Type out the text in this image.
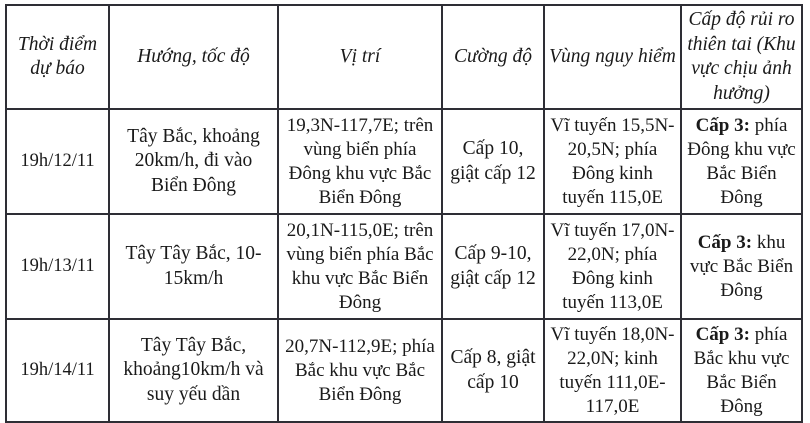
Thời điểm dự báo	Hướng, tốc độ	Vị trí	Cường độ	Vùng nguy hiểm	Cấp độ rủi ro thiên tai (Khu vực chịu ảnh hưởng)
19h/12/11	Tây Bắc, khoảng 20km/h, đi vào Biển Đông	19,3N-117,7E; trên vùng biển phía Đông khu vực Bắc Biển Đông	Cấp 10, giật cấp 12	Vĩ tuyến 15,5N-20,5N; phía Đông kinh tuyến 115,0E	Cấp 3: phía Đông khu vực Bắc Biển Đông
19h/13/11	Tây Tây Bắc, 10-15km/h	20,1N-115,0E; trên vùng biển phía Bắc khu vực Bắc Biển Đông	Cấp 9-10, giật cấp 12	Vĩ tuyến 17,0N-22,0N; phía Đông kinh tuyến 113,0E	Cấp 3: khu vực Bắc Biển Đông
19h/14/11	Tây Tây Bắc, khoảng10km/h và suy yếu dần	20,7N-112,9E; phía Bắc khu vực Bắc Biển Đông	Cấp 8, giật cấp 10	Vĩ tuyến 18,0N-22,0N; kinh tuyến 111,0E-117,0E	Cấp 3: phía Bắc khu vực Bắc Biển Đông
